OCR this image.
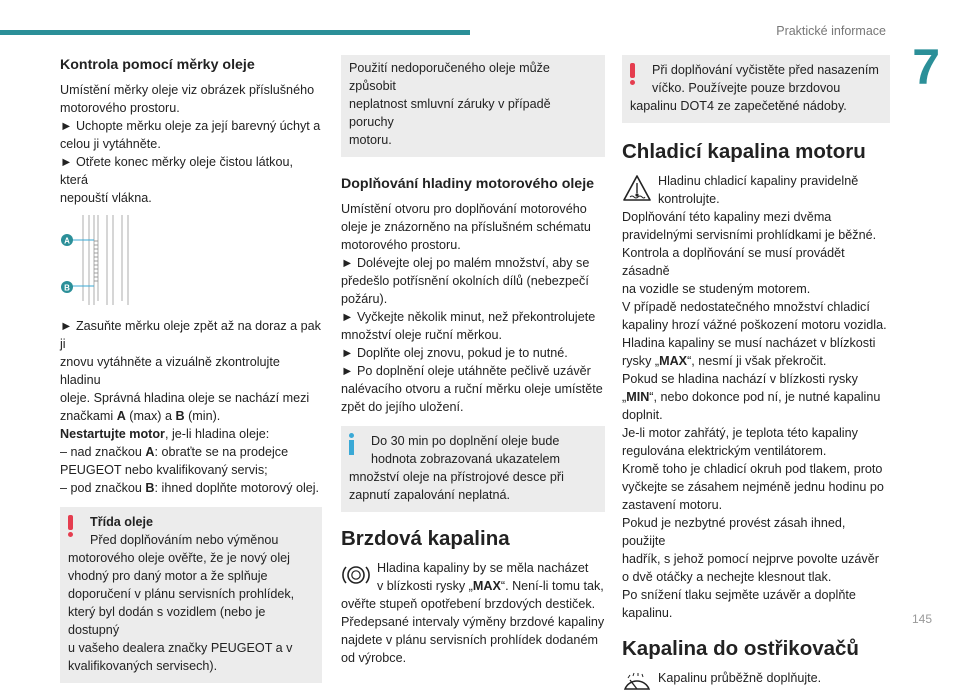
Praktické informace
7
145
Kontrola pomocí měrky oleje

Umístění měrky oleje viz obrázek příslušného

motorového prostoru.

► Uchopte měrku oleje za její barevný úchyt a

celou ji vytáhněte.

► Otřete konec měrky oleje čistou látkou, která

nepouští vlákna.

A
B

► Zasuňte měrku oleje zpět až na doraz a pak ji

znovu vytáhněte a vizuálně zkontrolujte hladinu

oleje. Správná hladina oleje se nachází mezi

značkami A (max) a B (min).

Nestartujte motor, je-li hladina oleje:

– nad značkou A: obraťte se na prodejce

PEUGEOT nebo kvalifikovaný servis;

– pod značkou B: ihned doplňte motorový olej.

Třída oleje

Před doplňováním nebo výměnou

motorového oleje ověřte, že je nový olej

vhodný pro daný motor a že splňuje

doporučení v plánu servisních prohlídek,

který byl dodán s vozidlem (nebo je dostupný

u vašeho dealera značky PEUGEOT a v

kvalifikovaných servisech).

Použití nedoporučeného oleje může způsobit

neplatnost smluvní záruky v případě poruchy

motoru.

Doplňování hladiny motorového oleje

Umístění otvoru pro doplňování motorového

oleje je znázorněno na příslušném schématu

motorového prostoru.

► Dolévejte olej po malém množství, aby se

předešlo potřísnění okolních dílů (nebezpečí

požáru).

► Vyčkejte několik minut, než překontrolujete

množství oleje ruční měrkou.

► Doplňte olej znovu, pokud je to nutné.

► Po doplnění oleje utáhněte pečlivě uzávěr

nalévacího otvoru a ruční měrku oleje umístěte

zpět do jejího uložení.

Do 30 min po doplnění oleje bude

hodnota zobrazovaná ukazatelem

množství oleje na přístrojové desce při

zapnutí zapalování neplatná.

Brzdová kapalina

Hladina kapaliny by se měla nacházet

v blízkosti rysky „MAX“. Není-li tomu tak,

ověřte stupeň opotřebení brzdových destiček.

Předepsané intervaly výměny brzdové kapaliny

najdete v plánu servisních prohlídek dodaném

od výrobce.

Při doplňování vyčistěte před nasazením

víčko. Používejte pouze brzdovou

kapalinu DOT4 ze zapečetěné nádoby.

Chladicí kapalina motoru

Hladinu chladicí kapaliny pravidelně

kontrolujte.

Doplňování této kapaliny mezi dvěma

pravidelnými servisními prohlídkami je běžné.

Kontrola a doplňování se musí provádět zásadně

na vozidle se studeným motorem.

V případě nedostatečného množství chladicí

kapaliny hrozí vážné poškození motoru vozidla.

Hladina kapaliny se musí nacházet v blízkosti

rysky „MAX“, nesmí ji však překročit.

Pokud se hladina nachází v blízkosti rysky

„MIN“, nebo dokonce pod ní, je nutné kapalinu

doplnit.

Je-li motor zahřátý, je teplota této kapaliny

regulována elektrickým ventilátorem.

Kromě toho je chladicí okruh pod tlakem, proto

vyčkejte se zásahem nejméně jednu hodinu po

zastavení motoru.

Pokud je nezbytné provést zásah ihned, použijte

hadřík, s jehož pomocí nejprve povolte uzávěr

o dvě otáčky a nechejte klesnout tlak.

Po snížení tlaku sejměte uzávěr a doplňte

kapalinu.

Kapalina do ostřikovačů

Kapalinu průběžně doplňujte.
